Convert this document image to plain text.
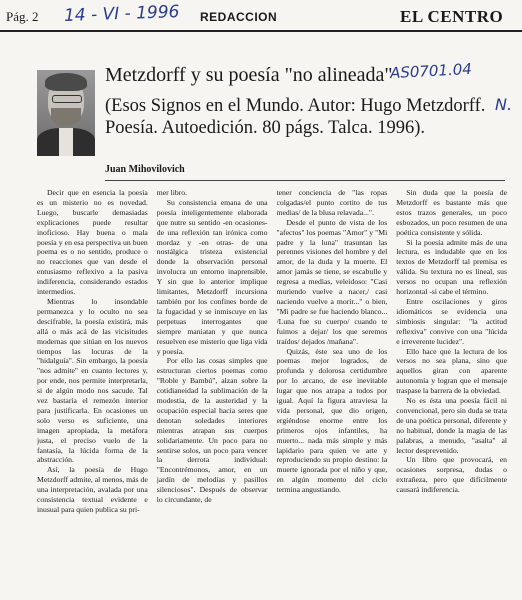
Pág. 2 14 - VI - 1996 REDACCION	EL CENTRO
Metzdorff y su poesía "no alineada"
AS0701.04
(Esos Signos en el Mundo. Autor: Hugo Metzdorff. Poesía. Autoedición. 80 págs. Talca. 1996).
N.
Juan Mihovilovich

Decir que en esencia la poesía es un misterio no es novedad. Luego, buscarle demasiadas explicaciones puede resultar inoficioso. Hay buena o mala poesía y en esa perspectiva un buen poema es o no sentido, produce o no reacciones que van desde el entusiasmo reflexivo a la pasiva indiferencia, considerando estados intermedios.

Mientras lo insondable permanezca y lo oculto no sea descifrable, la poesía existirá, más allá o más acá de las vicisitudes modernas que sitúan en los nuevos tiempos las locuras de la "hidalguía". Sin embargo, la poesía "nos admite" en cuanto lectores y, por ende, nos permite interpretarla, si de algún modo nos sacude. Tal vez bastaría el remezón interior para justificarla. En ocasiones un solo verso es suficiente, una imagen apropiada, la metáfora justa, el preciso vuelo de la fantasía, la lúcida forma de la abstracción.

Así, la poesía de Hugo Metzdorff admite, al menos, más de una interpretación, avalada por una consistencia textual evidente e inusual para quien publica su pri-

mer libro.

Su consistencia emana de una poesía inteligentemente elaborada que nutre su sentido -en ocasiones- de una reflexión tan irónica como mordaz y -en otras- de una nostálgica tristeza existencial donde la observación personal involucra un entorno inaprensible. Y sin que lo anterior implique limitantes, Metzdorff incursiona también por los confines borde de la fugacidad y se inmiscuye en las perpetuas interrogantes que siempre maniatan y que nunca resuelven ese misterio que liga vida y poesía.

Por ello las cosas simples que estructuran ciertos poemas como "Roble y Bambú", alzan sobre la cotidianeidad la sublimación de la modestia, de la austeridad y la ocupación especial hacia seres que denotan soledades interiores mientras atrapan sus cuerpos solidariamente. Un poco para no sentirse solos, un poco para vencer la derrota individual: "Encontrémonos, amor, en un jardín de melodías y pasillos silenciosos". Después de observar lo circundante, de

tener conciencia de "las ropas colgadas/el punto cortito de tus medias/ de la blusa relavada...".

Desde el punto de vista de los "afectos" los poemas "Amor" y "Mi padre y la luna" trasuntan las perennes visiones del hombre y del amor, de la duda y la muerte. El amor jamás se tiene, se escabulle y regresa a medias, veleidoso: "Casi muriendo vuelve a nacer,/ casi naciendo vuelve a morir..." o bien, "Mi padre se fue haciendo blanco... /Luna fue su cuerpo/ cuando te fuimos a dejar/ los que seremos traídos/ dejados /mañana".

Quizás, éste sea uno de los poemas mejor logrados, de profunda y dolorosa certidumbre por lo arcano, de ese inevitable lugar que nos atrapa a todos por igual. Aquí la figura atraviesa la vida personal, que dio origen, ergiéndose enorme entre los primeros ojos infantiles, ha muerto... nada más simple y más lapidario para quien ve arte y reproduciendo su propio destino: la muerte ignorada por el niño y que, en algún momento del ciclo termina angustiando.

Sin duda que la poesía de Metzdorff es bastante más que estos trazos generales, un poco esbozados, un poco resumen de una poética consistente y sólida.

Si la poesía admite más de una lectura, es indudable que en los textos de Metzdorff tal premisa es válida. Su textura no es lineal, sus versos no ocupan una reflexión horizontal -si cabe el término.

Entre oscilaciones y giros idiomáticos se evidencia una simbiosis singular: "la actitud reflexiva" convive con una "lúcida e irreverente lucidez".

Ello hace que la lectura de los versos no sea plana, sino que aquellos giran con aparente autonomía y logran que el mensaje traspase la barrera de la obviedad.

No es ésta una poesía fácil ni convencional, pero sin duda se trata de una poética personal, diferente y no habitual, donde la magia de las palabras, a menudo, "asalta" al lector desprevenido.

Un libro que provocará, en ocasiones sorpresa, dudas o extrañeza, pero que difícilmente causará indiferencia.
